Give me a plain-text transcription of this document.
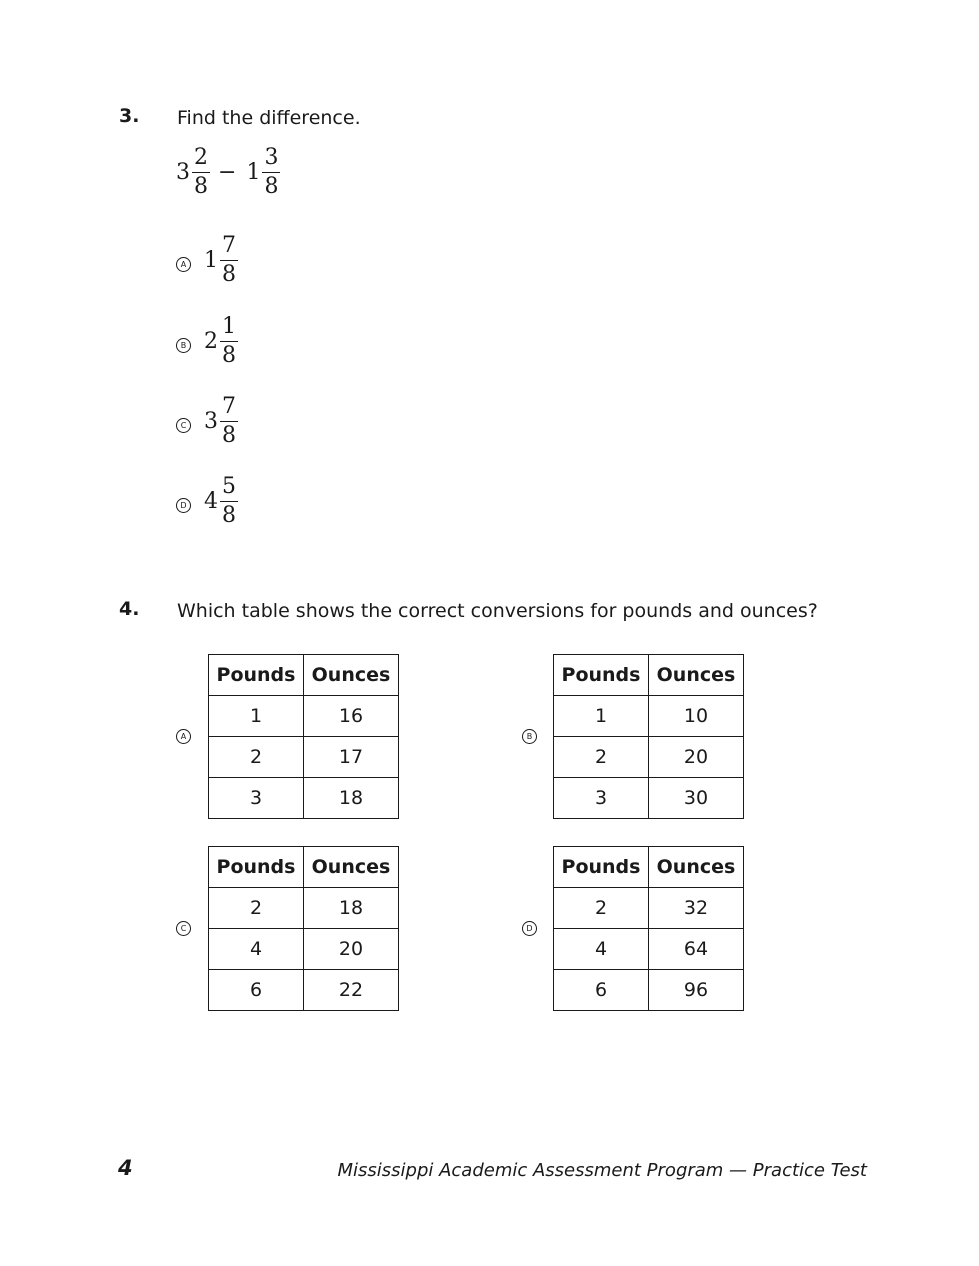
3. Find the difference.
$3 \frac{2}{8} - 1 \frac{3}{8}$
A $1 \frac{7}{8}$
B $2 \frac{1}{8}$
C $3 \frac{7}{8}$
D $4 \frac{5}{8}$
4. Which table shows the correct conversions for pounds and ounces?
A
Pounds	Ounces
1	16
2	17
3	18
B
Pounds	Ounces
1	10
2	20
3	30
C
Pounds	Ounces
2	18
4	20
6	22
D
Pounds	Ounces
2	32
4	64
6	96
4	Mississippi Academic Assessment Program — Practice Test
